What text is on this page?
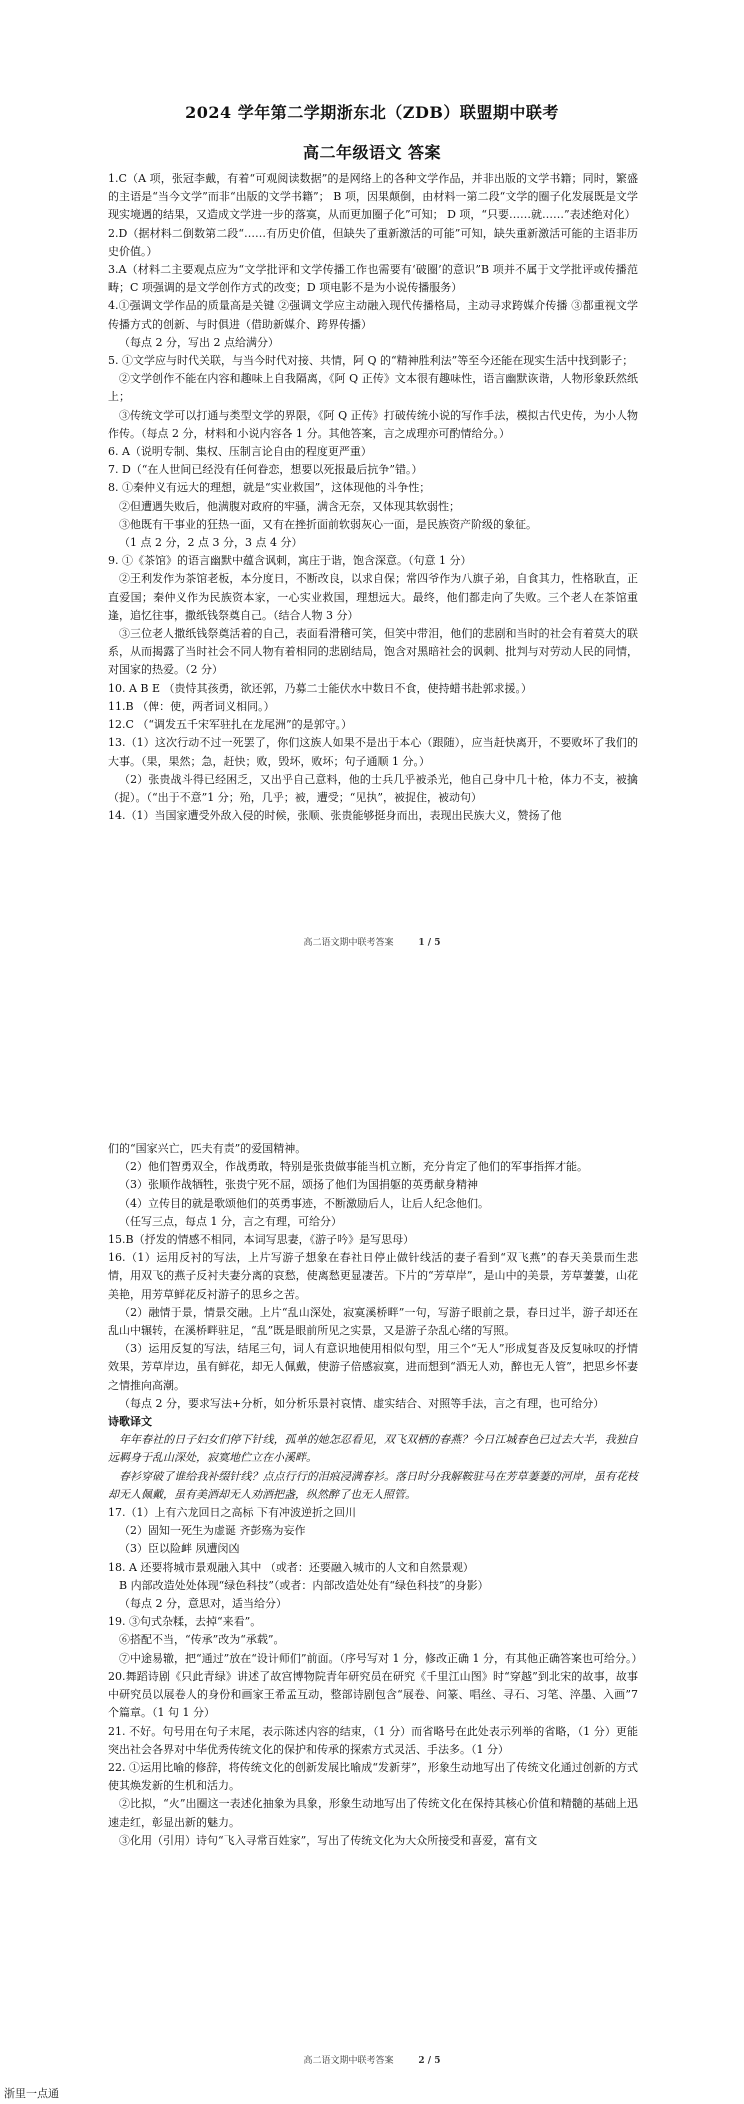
2024 学年第二学期浙东北（ZDB）联盟期中联考
高二年级语文 答案

1.C（A 项，张冠李戴，有着“可观阅读数据”的是网络上的各种文学作品，并非出版的文学书籍；同时，繁盛的主语是“当今文学”而非“出版的文学书籍”； B 项，因果颠倒，由材料一第二段“文学的圈子化发展既是文学现实境遇的结果，又造成文学进一步的落寞，从而更加圈子化”可知； D 项，“只要……就……”表述绝对化）

2.D（据材料二倒数第二段“……有历史价值，但缺失了重新激活的可能”可知，缺失重新激活可能的主语非历史价值。）

3.A（材料二主要观点应为“文学批评和文学传播工作也需要有‘破圈’的意识”B 项并不属于文学批评或传播范畴；C 项强调的是文学创作方式的改变；D 项电影不是为小说传播服务）

4.①强调文学作品的质量高是关键 ②强调文学应主动融入现代传播格局，主动寻求跨媒介传播 ③都重视文学传播方式的创新、与时俱进（借助新媒介、跨界传播）

（每点 2 分，写出 2 点给满分）

5. ①文学应与时代关联，与当今时代对接、共情，阿 Q 的“精神胜利法”等至今还能在现实生活中找到影子；

②文学创作不能在内容和趣味上自我隔离，《阿 Q 正传》文本很有趣味性，语言幽默诙谐，人物形象跃然纸上；

③传统文学可以打通与类型文学的界限，《阿 Q 正传》打破传统小说的写作手法，模拟古代史传，为小人物作传。（每点 2 分，材料和小说内容各 1 分。其他答案，言之成理亦可酌情给分。）

6. A（说明专制、集权、压制言论自由的程度更严重）

7. D（“在人世间已经没有任何眷恋，想要以死报最后抗争”错。）

8. ①秦仲义有远大的理想，就是“实业救国”，这体现他的斗争性；

②但遭遇失败后，他满腹对政府的牢骚，满含无奈，又体现其软弱性；

③他既有干事业的狂热一面，又有在挫折面前软弱灰心一面，是民族资产阶级的象征。

（1 点 2 分，2 点 3 分，3 点 4 分）

9. ①《茶馆》的语言幽默中蕴含讽刺，寓庄于谐，饱含深意。（句意 1 分）

②王利发作为茶馆老板，本分度日，不断改良，以求自保；常四爷作为八旗子弟，自食其力，性格耿直，正直爱国；秦仲义作为民族资本家，一心实业救国，理想远大。最终，他们都走向了失败。三个老人在茶馆重逢，追忆往事，撒纸钱祭奠自己。（结合人物 3 分）

③三位老人撒纸钱祭奠活着的自己，表面看滑稽可笑，但笑中带泪，他们的悲剧和当时的社会有着莫大的联系，从而揭露了当时社会不同人物有着相同的悲剧结局，饱含对黑暗社会的讽刺、批判与对劳动人民的同情，对国家的热爱。（2 分）

10. A B E （贵恃其孩勇，欲还郭，乃募二士能伏水中数日不食，使持蜡书赴郭求援。）

11.B （俾：使，两者词义相同。）

12.C （“调发五千宋军驻扎在龙尾洲”的是郭守。）

13.（1）这次行动不过一死罢了，你们这族人如果不是出于本心（跟随），应当赶快离开，不要败坏了我们的大事。（果，果然；急，赶快；败，毁坏，败坏；句子通顺 1 分。）

（2）张贵战斗得已经困乏，又出乎自己意料，他的士兵几乎被杀光，他自己身中几十枪，体力不支，被擒（捉）。（“出于不意”1 分；殆，几乎；被，遭受；“见执”，被捉住，被动句）

14.（1）当国家遭受外敌入侵的时候，张顺、张贵能够挺身而出，表现出民族大义，赞扬了他

高二语文期中联考答案	1 / 5

们的“国家兴亡，匹夫有责”的爱国精神。

（2）他们智勇双全，作战勇敢，特别是张贵做事能当机立断，充分肯定了他们的军事指挥才能。

（3）张顺作战牺牲，张贵宁死不屈，颂扬了他们为国捐躯的英勇献身精神

（4）立传目的就是歌颂他们的英勇事迹，不断激励后人，让后人纪念他们。

（任写三点，每点 1 分，言之有理，可给分）

15.B（抒发的情感不相同，本词写思妻，《游子吟》是写思母）

16.（1）运用反衬的写法，上片写游子想象在春社日停止做针线活的妻子看到“双飞燕”的春天美景而生悲情，用双飞的燕子反衬夫妻分离的哀愁，使离愁更显凄苦。下片的“芳草岸”，是山中的美景，芳草萋萋，山花美艳，用芳草鲜花反衬游子的思乡之苦。

（2）融情于景，情景交融。上片“乱山深处，寂寞溪桥畔”一句，写游子眼前之景，春日过半，游子却还在乱山中辗转，在溪桥畔驻足，“乱”既是眼前所见之实景，又是游子杂乱心绪的写照。

（3）运用反复的写法，结尾三句，词人有意识地使用相似句型，用三个“无人”形成复沓及反复咏叹的抒情效果，芳草岸边，虽有鲜花，却无人佩戴，使游子倍感寂寞，进而想到“酒无人劝，醉也无人管”，把思乡怀妻之情推向高潮。

（每点 2 分，要求写法+分析，如分析乐景衬哀情、虚实结合、对照等手法，言之有理，也可给分）

诗歌译文

年年春社的日子妇女们停下针线，孤单的她怎忍看见，双飞双栖的春燕？今日江城春色已过去大半，我独自远羁身于乱山深处，寂寞地伫立在小溪畔。

春衫穿破了谁给我补缀针线？点点行行的泪痕浸满春衫。落日时分我解鞍驻马在芳草萋萋的河岸，虽有花枝却无人佩戴，虽有美酒却无人劝酒把盏，纵然醉了也无人照管。

17.（1）上有六龙回日之高标 下有冲波逆折之回川

（2）固知一死生为虚诞 齐彭殇为妄作

（3）臣以险衅 夙遭闵凶

18. A 还要将城市景观融入其中 （或者：还要融入城市的人文和自然景观）

B 内部改造处处体现“绿色科技”（或者：内部改造处处有“绿色科技”的身影）

（每点 2 分，意思对，适当给分）

19. ③句式杂糅，去掉“来看”。

⑥搭配不当，“传承”改为“承载”。

⑦中途易辙，把“通过”放在“设计师们”前面。（序号写对 1 分，修改正确 1 分，有其他正确答案也可给分。）

20.舞蹈诗剧《只此青绿》讲述了故宫博物院青年研究员在研究《千里江山图》时“穿越”到北宋的故事，故事中研究员以展卷人的身份和画家王希孟互动，整部诗剧包含“展卷、问篆、唱丝、寻石、习笔、淬墨、入画”7 个篇章。（1 句 1 分）

21. 不好。句号用在句子末尾，表示陈述内容的结束，（1 分）而省略号在此处表示列举的省略，（1 分）更能突出社会各界对中华优秀传统文化的保护和传承的探索方式灵活、手法多。（1 分）

22. ①运用比喻的修辞，将传统文化的创新发展比喻成“发新芽”，形象生动地写出了传统文化通过创新的方式使其焕发新的生机和活力。

②比拟，“火”出圈这一表述化抽象为具象，形象生动地写出了传统文化在保持其核心价值和精髓的基础上迅速走红，彰显出新的魅力。

③化用（引用）诗句“飞入寻常百姓家”，写出了传统文化为大众所接受和喜爱，富有文

高二语文期中联考答案	2 / 5
浙里一点通
